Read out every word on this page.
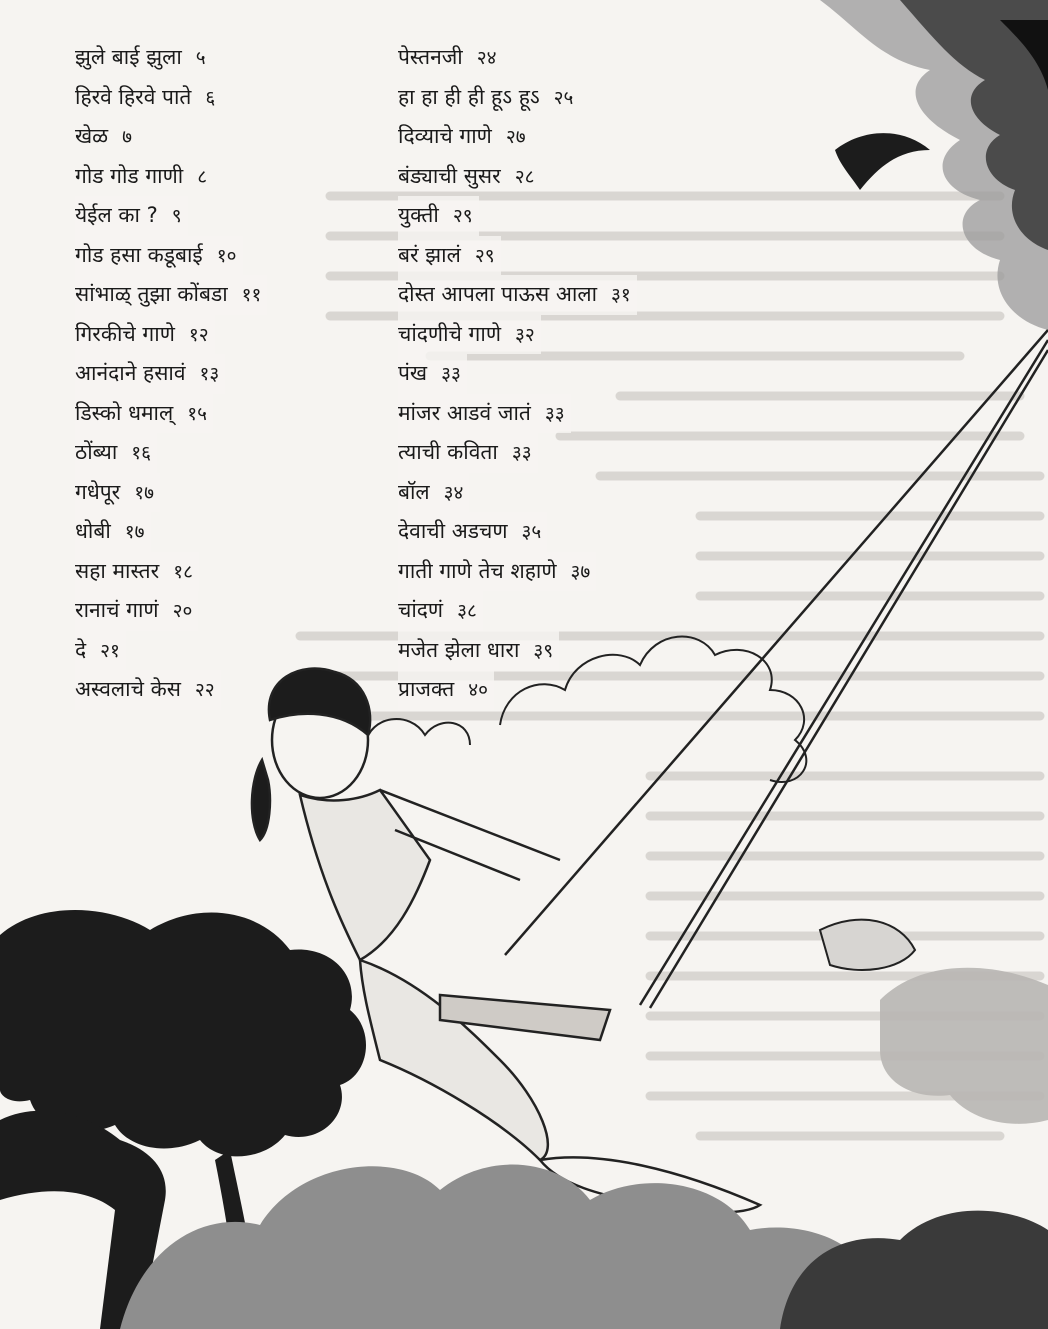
झुले बाई झुला ५
हिरवे हिरवे पाते ६
खेळ ७
गोड गोड गाणी ८
येईल का ? ९
गोड हसा कडूबाई १०
सांभाळ् तुझा कोंबडा ११
गिरकीचे गाणे १२
आनंदाने हसावं १३
डिस्को धमाल् १५
ठोंब्या १६
गधेपूर १७
धोबी १७
सहा मास्तर १८
रानाचं गाणं २०
दे २१
अस्वलाचे केस २२
पेस्तनजी २४
हा हा ही ही हूऽ हूऽ २५
दिव्याचे गाणे २७
बंड्याची सुसर २८
युक्ती २९
बरं झालं २९
दोस्त आपला पाऊस आला ३१
चांदणीचे गाणे ३२
पंख ३३
मांजर आडवं जातं ३३
त्याची कविता ३३
बॉल ३४
देवाची अडचण ३५
गाती गाणे तेच शहाणे ३७
चांदणं ३८
मजेत झेला धारा ३९
प्राजक्त ४०
